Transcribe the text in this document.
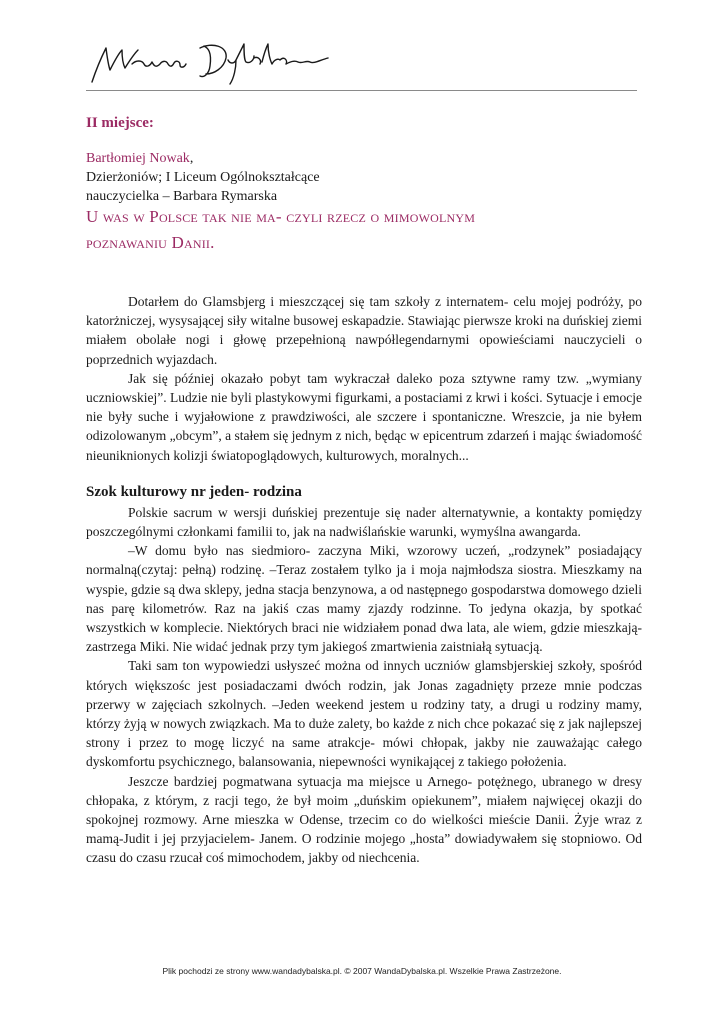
II miejsce:

Bartłomiej Nowak,
Dzierżoniów; I Liceum Ogólnokształcące
nauczycielka – Barbara Rymarska
U was w Polsce tak nie ma- czyli rzecz o mimowolnym
poznawaniu Danii.

Dotarłem do Glamsbjerg i mieszczącej się tam szkoły z internatem- celu mojej podróży, po katorżniczej, wysysającej siły witalne busowej eskapadzie. Stawiając pierwsze kroki na duńskiej ziemi miałem obolałe nogi i głowę przepełnioną nawpółlegendarnymi opowieściami nauczycieli o poprzednich wyjazdach.

Jak się później okazało pobyt tam wykraczał daleko poza sztywne ramy tzw. „wymiany uczniowskiej”. Ludzie nie byli plastykowymi figurkami, a postaciami z krwi i kości. Sytuacje i emocje nie były suche i wyjałowione z prawdziwości, ale szczere i spontaniczne. Wreszcie, ja nie byłem odizolowanym „obcym”, a stałem się jednym z nich, będąc w epicentrum zdarzeń i mając świadomość nieuniknionych kolizji światopoglądowych, kulturowych, moralnych...

Szok kulturowy nr jeden- rodzina

Polskie sacrum w wersji duńskiej prezentuje się nader alternatywnie, a kontakty pomiędzy poszczególnymi członkami familii to, jak na nadwiślańskie warunki, wymyślna awangarda.

–W domu było nas siedmioro- zaczyna Miki, wzorowy uczeń, „rodzynek” posiadający normalną(czytaj: pełną) rodzinę. –Teraz zostałem tylko ja i moja najmłodsza siostra. Mieszkamy na wyspie, gdzie są dwa sklepy, jedna stacja benzynowa, a od następnego gospodarstwa domowego dzieli nas parę kilometrów. Raz na jakiś czas mamy zjazdy rodzinne. To jedyna okazja, by spotkać wszystkich w komplecie. Niektórych braci nie widziałem ponad dwa lata, ale wiem, gdzie mieszkają- zastrzega Miki. Nie widać jednak przy tym jakiegoś zmartwienia zaistniałą sytuacją.

Taki sam ton wypowiedzi usłyszeć można od innych uczniów glamsbjerskiej szkoły, spośród których większośc jest posiadaczami dwóch rodzin, jak Jonas zagadnięty przeze mnie podczas przerwy w zajęciach szkolnych. –Jeden weekend jestem u rodziny taty, a drugi u rodziny mamy, którzy żyją w nowych związkach. Ma to duże zalety, bo każde z nich chce pokazać się z jak najlepszej strony i przez to mogę liczyć na same atrakcje- mówi chłopak, jakby nie zauważając całego dyskomfortu psychicznego, balansowania, niepewności wynikającej z takiego położenia.

Jeszcze bardziej pogmatwana sytuacja ma miejsce u Arnego- potężnego, ubranego w dresy chłopaka, z którym, z racji tego, że był moim „duńskim opiekunem”, miałem najwięcej okazji do spokojnej rozmowy. Arne mieszka w Odense, trzecim co do wielkości mieście Danii. Żyje wraz z mamą-Judit i jej przyjacielem- Janem. O rodzinie mojego „hosta” dowiadywałem się stopniowo. Od czasu do czasu rzucał coś mimochodem, jakby od niechcenia.

Plik pochodzi ze strony www.wandadybalska.pl. © 2007 WandaDybalska.pl. Wszelkie Prawa Zastrzeżone.
